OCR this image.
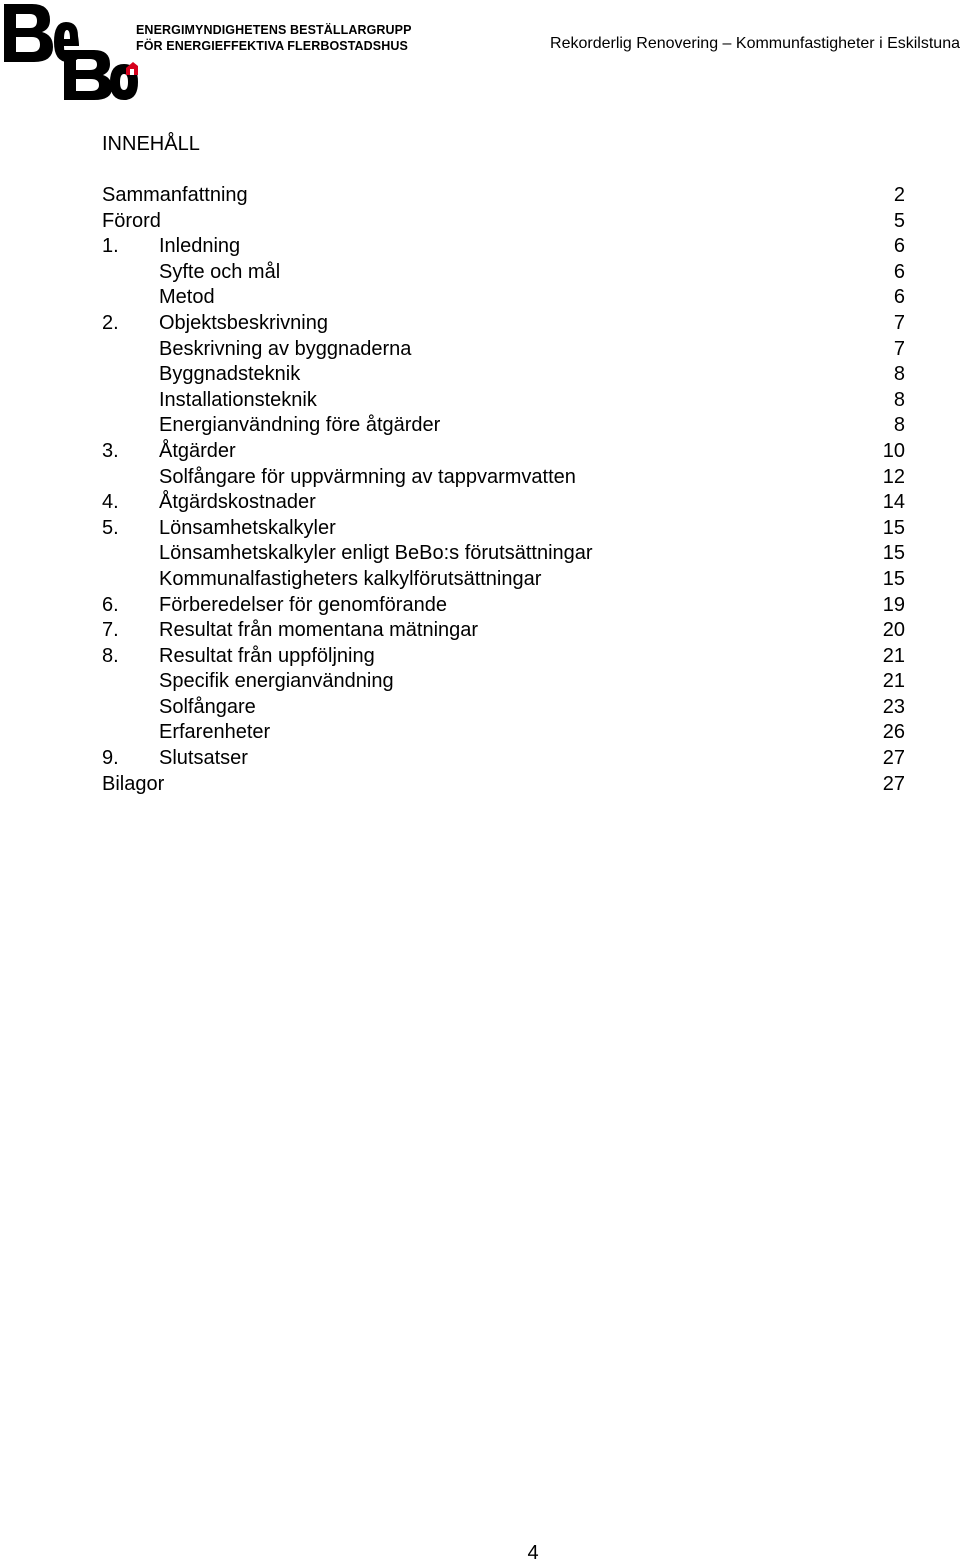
ENERGIMYNDIGHETENS BESTÄLLARGRUPP
FÖR ENERGIEFFEKTIVA FLERBOSTADSHUS	Rekorderlig Renovering – Kommunfastigheter i Eskilstuna
INNEHÅLL
Sammanfattning	2
Förord	5
1. Inledning	6
Syfte och mål	6
Metod	6
2. Objektsbeskrivning	7
Beskrivning av byggnaderna	7
Byggnadsteknik	8
Installationsteknik	8
Energianvändning före åtgärder	8
3. Åtgärder	10
Solfångare för uppvärmning av tappvarmvatten	12
4. Åtgärdskostnader	14
5. Lönsamhetskalkyler	15
Lönsamhetskalkyler enligt BeBo:s förutsättningar	15
Kommunalfastigheters kalkylförutsättningar	15
6. Förberedelser för genomförande	19
7. Resultat från momentana mätningar	20
8. Resultat från uppföljning	21
Specifik energianvändning	21
Solfångare	23
Erfarenheter	26
9. Slutsatser	27
Bilagor	27
4
